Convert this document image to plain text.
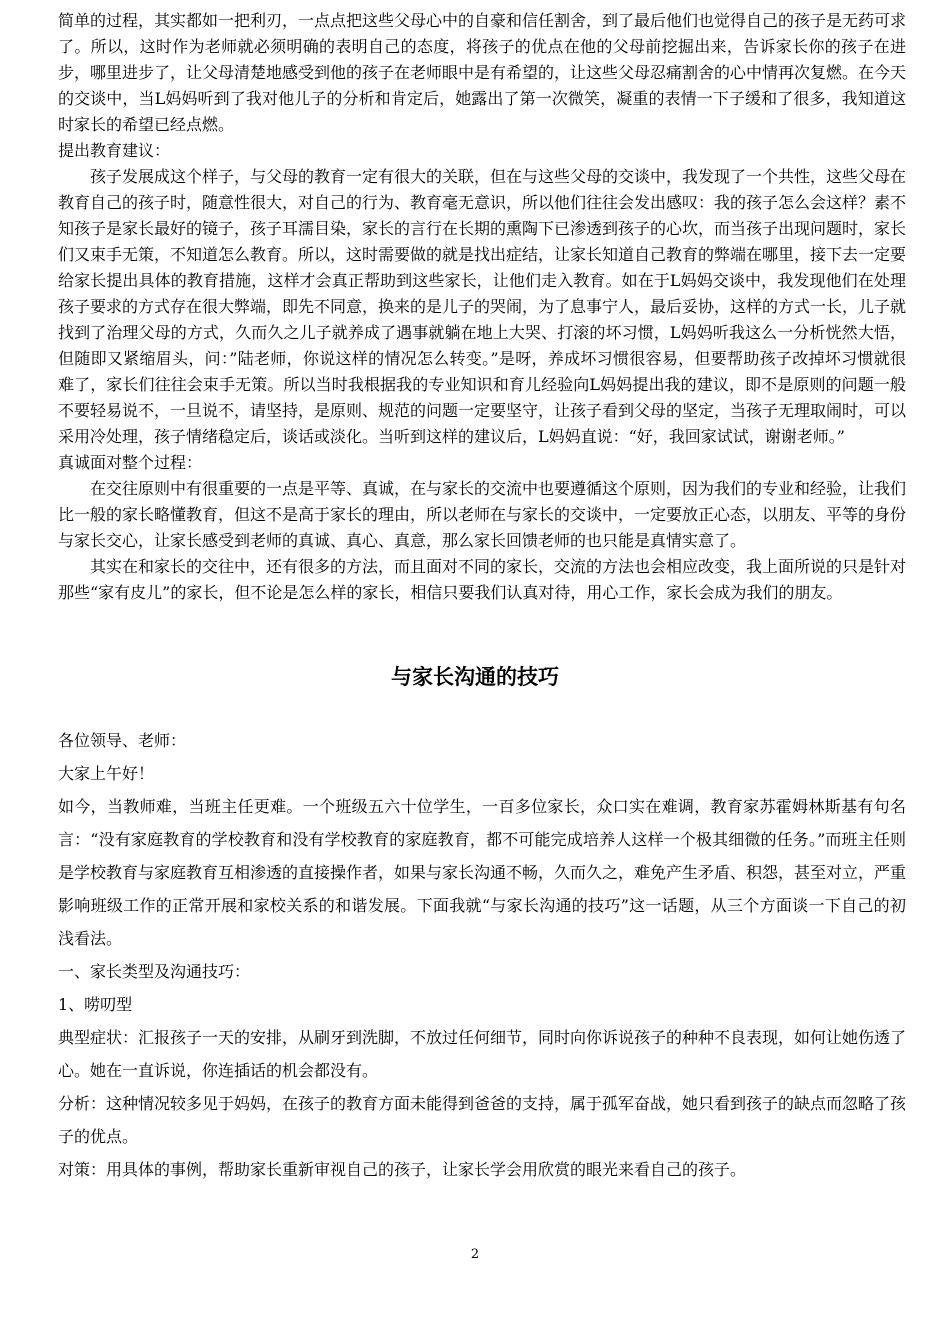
简单的过程，其实都如一把利刃，一点点把这些父母心中的自豪和信任割舍，到了最后他们也觉得自己的孩子是无药可求了。所以，这时作为老师就必须明确的表明自己的态度，将孩子的优点在他的父母前挖掘出来，告诉家长你的孩子在进步，哪里进步了，让父母清楚地感受到他的孩子在老师眼中是有希望的，让这些父母忍痛割舍的心中情再次复燃。在今天的交谈中，当L妈妈听到了我对他儿子的分析和肯定后，她露出了第一次微笑，凝重的表情一下子缓和了很多，我知道这时家长的希望已经点燃。

提出教育建议：

孩子发展成这个样子，与父母的教育一定有很大的关联，但在与这些父母的交谈中，我发现了一个共性，这些父母在教育自己的孩子时，随意性很大，对自己的行为、教育毫无意识，所以他们往往会发出感叹：我的孩子怎么会这样？素不知孩子是家长最好的镜子，孩子耳濡目染，家长的言行在长期的熏陶下已渗透到孩子的心坎，而当孩子出现问题时，家长们又束手无策，不知道怎么教育。所以，这时需要做的就是找出症结，让家长知道自己教育的弊端在哪里，接下去一定要给家长提出具体的教育措施，这样才会真正帮助到这些家长，让他们走入教育。如在于L妈妈交谈中，我发现他们在处理孩子要求的方式存在很大弊端，即先不同意，换来的是儿子的哭闹，为了息事宁人，最后妥协，这样的方式一长，儿子就找到了治理父母的方式，久而久之儿子就养成了遇事就躺在地上大哭、打滚的坏习惯，L妈妈听我这么一分析恍然大悟，但随即又紧缩眉头，问：”陆老师，你说这样的情况怎么转变。”是呀，养成坏习惯很容易，但要帮助孩子改掉坏习惯就很难了，家长们往往会束手无策。所以当时我根据我的专业知识和育儿经验向L妈妈提出我的建议，即不是原则的问题一般不要轻易说不，一旦说不，请坚持，是原则、规范的问题一定要坚守，让孩子看到父母的坚定，当孩子无理取闹时，可以采用冷处理，孩子情绪稳定后，谈话或淡化。当听到这样的建议后，L妈妈直说：“好，我回家试试，谢谢老师。”

真诚面对整个过程：

在交往原则中有很重要的一点是平等、真诚，在与家长的交流中也要遵循这个原则，因为我们的专业和经验，让我们比一般的家长略懂教育，但这不是高于家长的理由，所以老师在与家长的交谈中，一定要放正心态，以朋友、平等的身份与家长交心，让家长感受到老师的真诚、真心、真意，那么家长回馈老师的也只能是真情实意了。

其实在和家长的交往中，还有很多的方法，而且面对不同的家长，交流的方法也会相应改变，我上面所说的只是针对那些“家有皮儿”的家长，但不论是怎么样的家长，相信只要我们认真对待，用心工作，家长会成为我们的朋友。

与家长沟通的技巧

各位领导、老师：

大家上午好！

如今，当教师难，当班主任更难。一个班级五六十位学生，一百多位家长，众口实在难调，教育家苏霍姆林斯基有句名言：“没有家庭教育的学校教育和没有学校教育的家庭教育，都不可能完成培养人这样一个极其细微的任务。”而班主任则是学校教育与家庭教育互相渗透的直接操作者，如果与家长沟通不畅，久而久之，难免产生矛盾、积怨，甚至对立，严重影响班级工作的正常开展和家校关系的和谐发展。下面我就“与家长沟通的技巧”这一话题，从三个方面谈一下自己的初浅看法。

一、家长类型及沟通技巧：

1、唠叨型

典型症状：汇报孩子一天的安排，从刷牙到洗脚，不放过任何细节，同时向你诉说孩子的种种不良表现，如何让她伤透了心。她在一直诉说，你连插话的机会都没有。

分析：这种情况较多见于妈妈，在孩子的教育方面未能得到爸爸的支持，属于孤军奋战，她只看到孩子的缺点而忽略了孩子的优点。

对策：用具体的事例，帮助家长重新审视自己的孩子，让家长学会用欣赏的眼光来看自己的孩子。

2
